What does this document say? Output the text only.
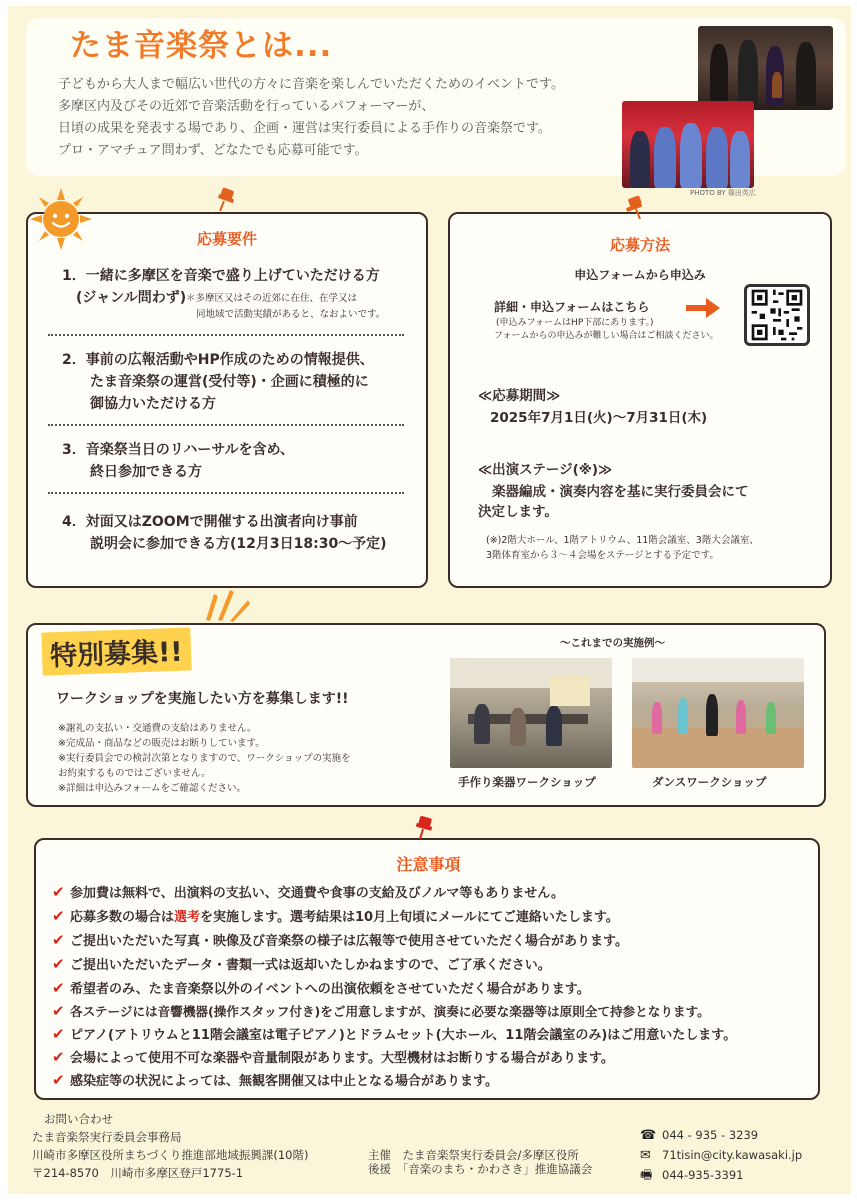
たま音楽祭とは...
子どもから大人まで幅広い世代の方々に音楽を楽しんでいただくためのイベントです。
多摩区内及びその近郊で音楽活動を行っているパフォーマーが、
日頃の成果を発表する場であり、企画・運営は実行委員による手作りの音楽祭です。
プロ・アマチュア問わず、どなたでも応募可能です。
PHOTO BY 篠田英広
応募要件
1．一緒に多摩区を音楽で盛り上げていただける方
(ジャンル問わず) ＊多摩区又はその近郊に在住、在学又は
同地域で活動実績があると、なおよいです。
2．事前の広報活動やHP作成のための情報提供、
たま音楽祭の運営(受付等)・企画に積極的に
御協力いただける方
3．音楽祭当日のリハーサルを含め、
終日参加できる方
4．対面又はZOOMで開催する出演者向け事前
説明会に参加できる方(12月3日18:30～予定)
応募方法
申込フォームから申込み
詳細・申込フォームはこちら
(申込みフォームはHP下部にあります。)
フォームからの申込みが難しい場合はご相談ください。
≪応募期間≫
2025年7月1日(火)～7月31日(木)
≪出演ステージ(※)≫
楽器編成・演奏内容を基に実行委員会にて
決定します。
(※)2階大ホール、1階アトリウム、11階会議室、3階大会議室、
3階体育室から３～４会場をステージとする予定です。
特別募集!!
ワークショップを実施したい方を募集します!!
※謝礼の支払い・交通費の支給はありません。
※完成品・商品などの販売はお断りしています。
※実行委員会での検討次第となりますので、ワークショップの実施を
お約束するものではございません。
※詳細は申込みフォームをご確認ください。
～これまでの実施例～
手作り楽器ワークショップ	ダンスワークショップ
注意事項
✔ 参加費は無料で、出演料の支払い、交通費や食事の支給及びノルマ等もありません。
✔ 応募多数の場合は選考を実施します。選考結果は10月上旬頃にメールにてご連絡いたします。
✔ ご提出いただいた写真・映像及び音楽祭の様子は広報等で使用させていただく場合があります。
✔ ご提出いただいたデータ・書類一式は返却いたしかねますので、ご了承ください。
✔ 希望者のみ、たま音楽祭以外のイベントへの出演依頼をさせていただく場合があります。
✔ 各ステージには音響機器(操作スタッフ付き)をご用意しますが、演奏に必要な楽器等は原則全て持参となります。
✔ ピアノ(アトリウムと11階会議室は電子ピアノ)とドラムセット(大ホール、11階会議室のみ)はご用意いたします。
✔ 会場によって使用不可な楽器や音量制限があります。大型機材はお断りする場合があります。
✔ 感染症等の状況によっては、無観客開催又は中止となる場合があります。
お問い合わせ
たま音楽祭実行委員会事務局
川崎市多摩区役所まちづくり推進部地域振興課(10階)
〒214‐8570　川崎市多摩区登戸1775‐1
主催　 たま音楽祭実行委員会/多摩区役所
後援　 「音楽のまち・かわさき」推進協議会
☎ 044 ‐ 935 ‐ 3239
✉ 71tisin@city.kawasaki.jp
🖷 044-935-3391
